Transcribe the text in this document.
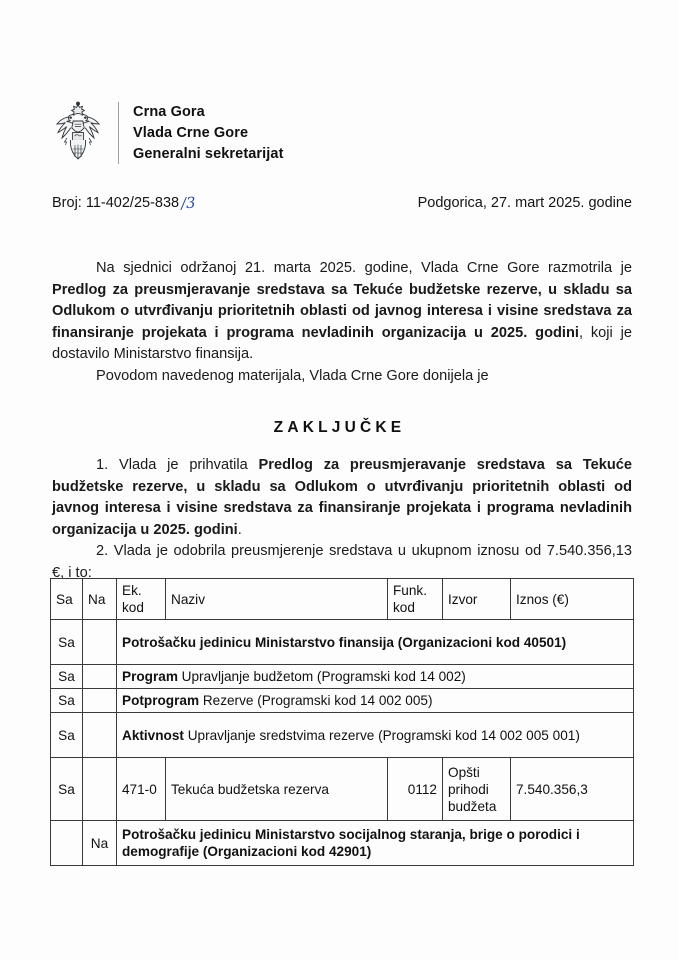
Crna Gora
Vlada Crne Gore
Generalni sekretarijat
Broj: 11-402/25-838 /3	Podgorica, 27. mart 2025. godine

Na sjednici održanoj 21. marta 2025. godine, Vlada Crne Gore razmotrila je Predlog za preusmjeravanje sredstava sa Tekuće budžetske rezerve, u skladu sa Odlukom o utvrđivanju prioritetnih oblasti od javnog interesa i visine sredstava za finansiranje projekata i programa nevladinih organizacija u 2025. godini, koji je dostavilo Ministarstvo finansija.

Povodom navedenog materijala, Vlada Crne Gore donijela je

ZAKLJUČKE

1. Vlada je prihvatila Predlog za preusmjeravanje sredstava sa Tekuće budžetske rezerve, u skladu sa Odlukom o utvrđivanju prioritetnih oblasti od javnog interesa i visine sredstava za finansiranje projekata i programa nevladinih organizacija u 2025. godini.

2. Vlada je odobrila preusmjerenje sredstava u ukupnom iznosu od 7.540.356,13 €, i to:

Sa	Na	Ek. kod	Naziv	Funk. kod	Izvor	Iznos (€)
Sa		Potrošačku jedinicu Ministarstvo finansija (Organizacioni kod 40501)				
Sa		Program Upravljanje budžetom (Programski kod 14 002)				
Sa		Potprogram Rezerve (Programski kod 14 002 005)				
Sa		Aktivnost Upravljanje sredstvima rezerve (Programski kod 14 002 005 001)				
Sa		471-0	Tekuća budžetska rezerva	0112	Opšti prihodi budžeta	7.540.356,3
	Na	Potrošačku jedinicu Ministarstvo socijalnog staranja, brige o porodici i demografije (Organizacioni kod 42901)				
